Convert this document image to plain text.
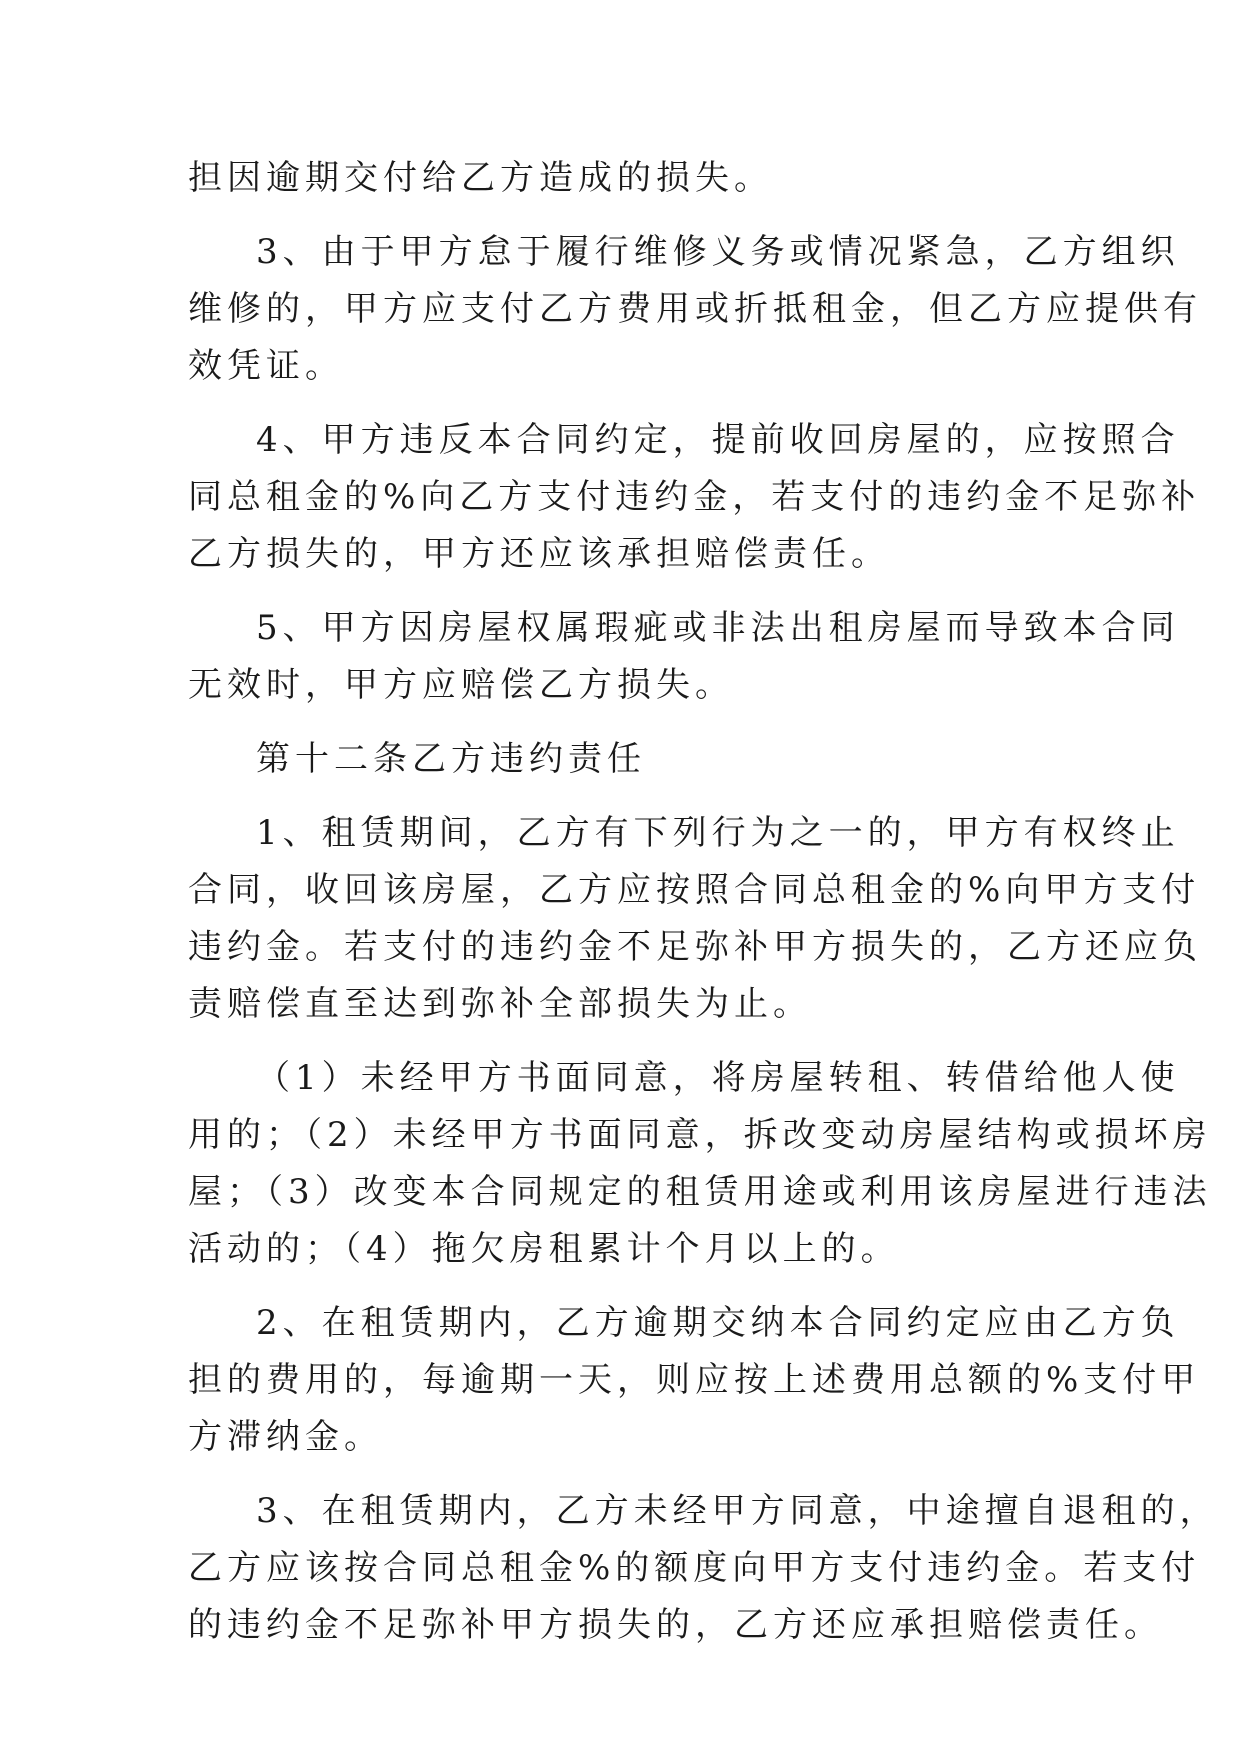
担因逾期交付给乙方造成的损失。
3、由于甲方怠于履行维修义务或情况紧急，乙方组织
维修的，甲方应支付乙方费用或折抵租金，但乙方应提供有
效凭证。
4、甲方违反本合同约定，提前收回房屋的，应按照合
同总租金的%向乙方支付违约金，若支付的违约金不足弥补
乙方损失的，甲方还应该承担赔偿责任。
5、甲方因房屋权属瑕疵或非法出租房屋而导致本合同
无效时，甲方应赔偿乙方损失。
第十二条乙方违约责任
1、租赁期间，乙方有下列行为之一的，甲方有权终止
合同，收回该房屋，乙方应按照合同总租金的%向甲方支付
违约金。若支付的违约金不足弥补甲方损失的，乙方还应负
责赔偿直至达到弥补全部损失为止。
（1）未经甲方书面同意，将房屋转租、转借给他人使
用的；（2）未经甲方书面同意，拆改变动房屋结构或损坏房
屋；（3）改变本合同规定的租赁用途或利用该房屋进行违法
活动的；（4）拖欠房租累计个月以上的。
2、在租赁期内，乙方逾期交纳本合同约定应由乙方负
担的费用的，每逾期一天，则应按上述费用总额的%支付甲
方滞纳金。
3、在租赁期内，乙方未经甲方同意，中途擅自退租的，
乙方应该按合同总租金%的额度向甲方支付违约金。若支付
的违约金不足弥补甲方损失的，乙方还应承担赔偿责任。
